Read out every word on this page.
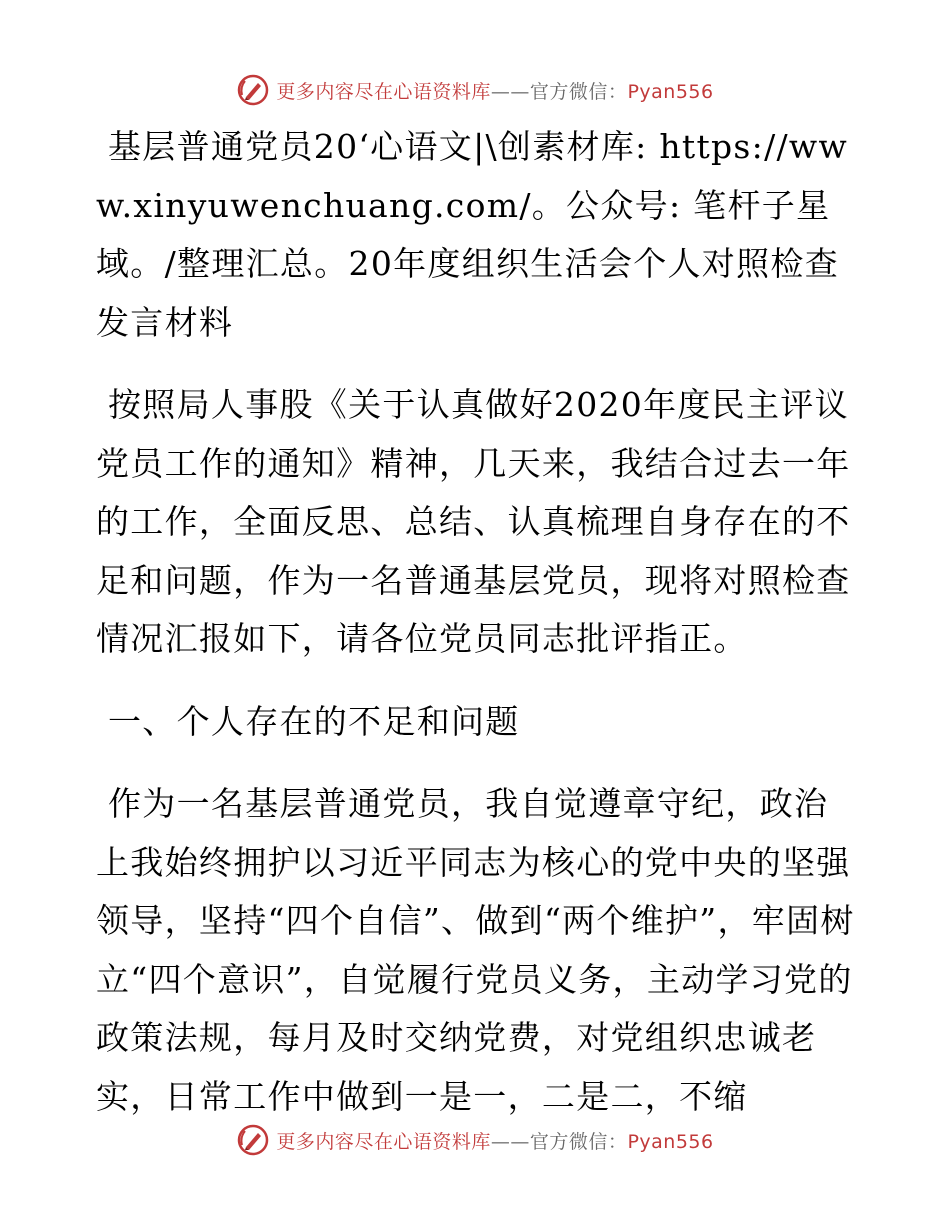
更多内容尽在心语资料库——官方微信：Pyan556

基层普通党员20‘心语文|\创素材库: https://www.xinyuwenchuang.com/。公众号: 笔杆子星域。/整理汇总。20年度组织生活会个人对照检查发言材料

按照局人事股《关于认真做好2020年度民主评议党员工作的通知》精神，几天来，我结合过去一年的工作，全面反思、总结、认真梳理自身存在的不足和问题，作为一名普通基层党员，现将对照检查情况汇报如下，请各位党员同志批评指正。

一、个人存在的不足和问题

作为一名基层普通党员，我自觉遵章守纪，政治上我始终拥护以习近平同志为核心的党中央的坚强领导，坚持“四个自信”、做到“两个维护”，牢固树立“四个意识”，自觉履行党员义务，主动学习党的政策法规，每月及时交纳党费，对党组织忠诚老实，日常工作中做到一是一，二是二，不缩

更多内容尽在心语资料库——官方微信：Pyan556
